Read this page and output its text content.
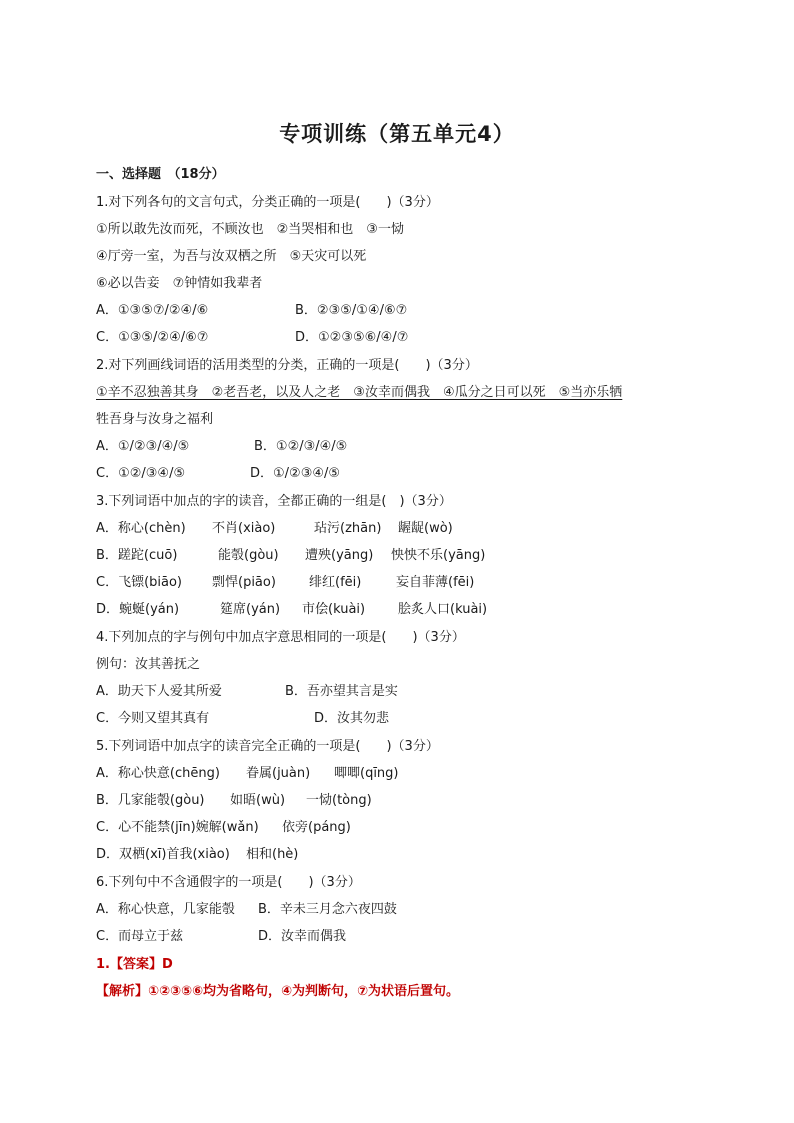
专项训练（第五单元4）
一、选择题　（18分）
1.对下列各句的文言句式，分类正确的一项是(　　)（3分）
①所以敢先汝而死，不顾汝也　②当哭相和也　③一恸
④厅旁一室，为吾与汝双栖之所　⑤天灾可以死
⑥必以告妾　⑦钟情如我辈者
A．①③⑤⑦/②④/⑥	B．②③⑤/①④/⑥⑦
C．①③⑤/②④/⑥⑦	D．①②③⑤⑥/④/⑦
2.对下列画线词语的活用类型的分类，正确的一项是(　　)（3分）
①辛不忍独善其身　②老吾老，以及人之老　③汝幸而偶我　④瓜分之日可以死　⑤当亦乐牺
牲吾身与汝身之福利
A．①/②③/④/⑤	B．①②/③/④/⑤
C．①②/③④/⑤	D．①/②③④/⑤
3.下列词语中加点的字的读音，全都正确的一组是(　)（3分）
A．称心(chèn) 不肖(xiào)	玷污(zhān) 龌龊(wò)
B．蹉跎(cuō)	能彀(gòu) 遭殃(yāng) 怏怏不乐(yāng)
C．飞镖(biāo) 剽悍(piāo)	绯红(fēi)	妄自菲薄(fēi)
D．蜿蜒(yán)	筵席(yán) 市侩(kuài)	脍炙人口(kuài)
4.下列加点的字与例句中加点字意思相同的一项是(　　)（3分）
例句：汝其善抚之
A．助天下人爱其所爱	B．吾亦望其言是实
C．今则又望其真有	D．汝其勿悲
5.下列词语中加点字的读音完全正确的一项是(　　)（3分）
A．称心快意(chēng) 眷属(juàn) 唧唧(qīng)
B．几家能彀(gòu) 如晤(wù) 一恸(tòng)
C．心不能禁(jīn)婉解(wǎn) 依旁(páng)
D．双栖(xī)首我(xiào) 相和(hè)
6.下列句中不含通假字的一项是(　　)（3分）
A．称心快意，几家能彀 B．辛未三月念六夜四鼓
C．而母立于兹	D．汝幸而偶我
1.【答案】D
【解析】①②③⑤⑥均为省略句，④为判断句，⑦为状语后置句。
